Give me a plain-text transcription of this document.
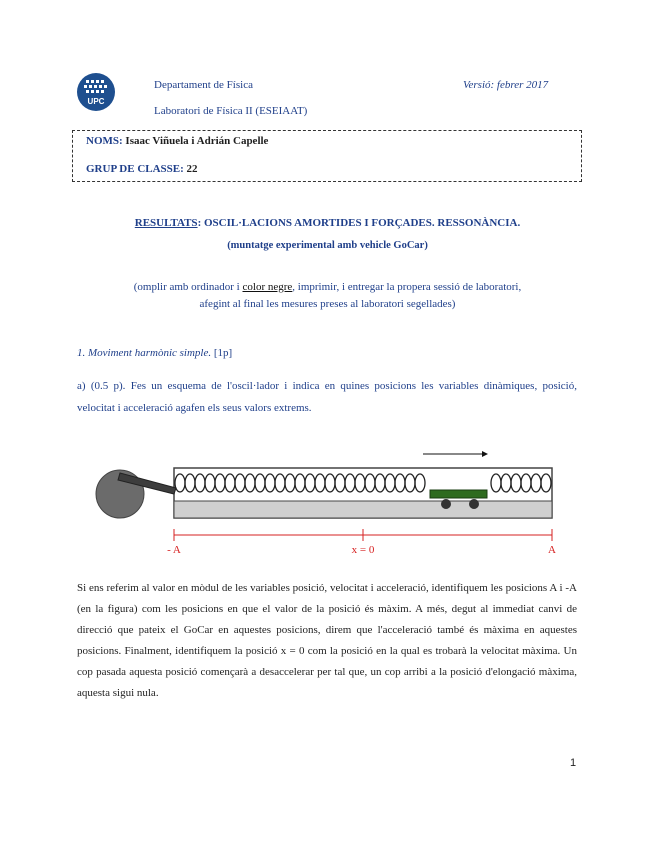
UPC
Departament de Física	Versió: febrer 2017
Laboratori de Física II (ESEIAAT)
NOMS: Isaac Viñuela i Adrián Capelle
GRUP DE CLASSE: 22
RESULTATS: OSCIL·LACIONS AMORTIDES I FORÇADES. RESSONÀNCIA.
(muntatge experimental amb vehicle GoCar)
(omplir amb ordinador i color negre, imprimir, i entregar la propera sessió de laboratori,
afegint al final les mesures preses al laboratori segellades)
1. Moviment harmònic simple. [1p]
a) (0.5 p). Fes un esquema de l'oscil·lador i indica en quines posicions les variables dinàmiques, posició, velocitat i acceleració agafen els seus valors extrems.
- A	x = 0	A
Si ens referim al valor en mòdul de les variables posició, velocitat i acceleració, identifiquem les posicions A i -A (en la figura) com les posicions en que el valor de la posició és màxim. A més, degut al immediat canvi de direcció que pateix el GoCar en aquestes posicions, direm que l'acceleració també és màxima en aquestes posicions. Finalment, identifiquem la posició x = 0 com la posició en la qual es trobarà la velocitat màxima. Un cop pasada aquesta posició començarà a desaccelerar per tal que, un cop arribi a la posició d'elongació màxima, aquesta sigui nula.
1
